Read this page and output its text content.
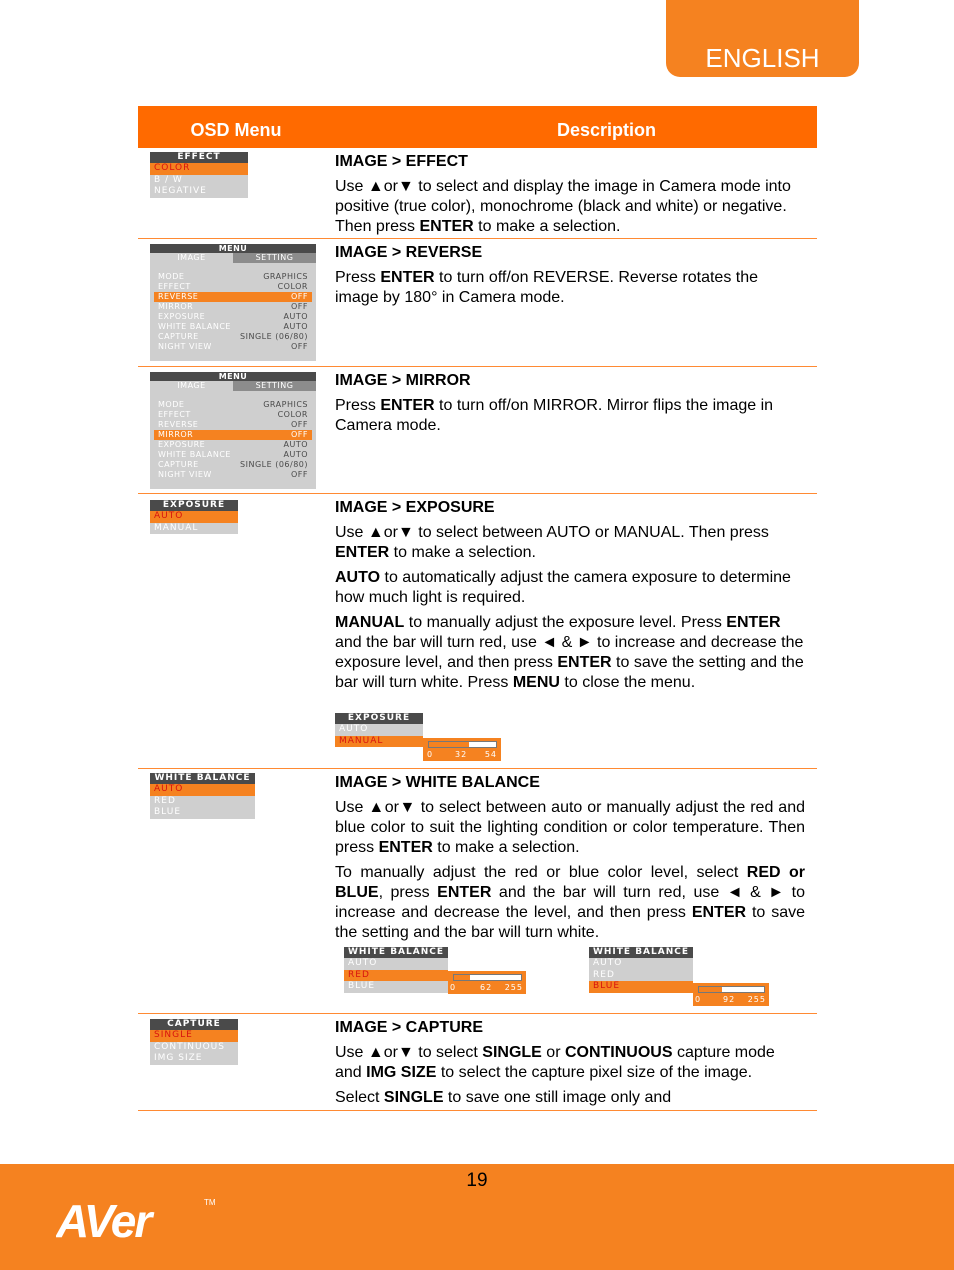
ENGLISH
OSD Menu	Description
EFFECT
COLOR
B / W
NEGATIVE
IMAGE > EFFECT

Use ▲or▼ to select and display the image in Camera mode into positive (true color), monochrome (black and white) or negative. Then press ENTER to make a selection.

MENU
IMAGE	SETTING
MODE	GRAPHICS
EFFECT	COLOR
REVERSE	OFF
MIRROR	OFF
EXPOSURE	AUTO
WHITE BALANCE	AUTO
CAPTURE	SINGLE (06/80)
NIGHT VIEW	OFF
IMAGE > REVERSE

Press ENTER to turn off/on REVERSE. Reverse rotates the image by 180° in Camera mode.

MENU
IMAGE	SETTING
MODE	GRAPHICS
EFFECT	COLOR
REVERSE	OFF
MIRROR	OFF
EXPOSURE	AUTO
WHITE BALANCE	AUTO
CAPTURE	SINGLE (06/80)
NIGHT VIEW	OFF
IMAGE > MIRROR

Press ENTER to turn off/on MIRROR. Mirror flips the image in Camera mode.

EXPOSURE
AUTO
MANUAL
IMAGE > EXPOSURE

Use ▲or▼ to select between AUTO or MANUAL. Then press ENTER to make a selection.

AUTO to automatically adjust the camera exposure to determine how much light is required.

MANUAL to manually adjust the exposure level. Press ENTER and the bar will turn red, use ◄ & ► to increase and decrease the exposure level, and then press ENTER to save the setting and the bar will turn white. Press MENU to close the menu.

EXPOSURE
AUTO
MANUAL
0	32 54
WHITE BALANCE
AUTO
RED
BLUE
IMAGE > WHITE BALANCE

Use ▲or▼ to select between auto or manually adjust the red and blue color to suit the lighting condition or color temperature. Then press ENTER to make a selection.

To manually adjust the red or blue color level, select RED or BLUE, press ENTER and the bar will turn red, use ◄ & ► to increase and decrease the level, and then press ENTER to save the setting and the bar will turn white.

WHITE BALANCE
AUTO
RED
BLUE	0	62 255
WHITE BALANCE
AUTO
RED
BLUE
0	92 255
CAPTURE
SINGLE
CONTINUOUS
IMG SIZE
IMAGE > CAPTURE

Use ▲or▼ to select SINGLE or CONTINUOUS capture mode and IMG SIZE to select the capture pixel size of the image.

Select SINGLE to save one still image only and

19
AVer	TM
